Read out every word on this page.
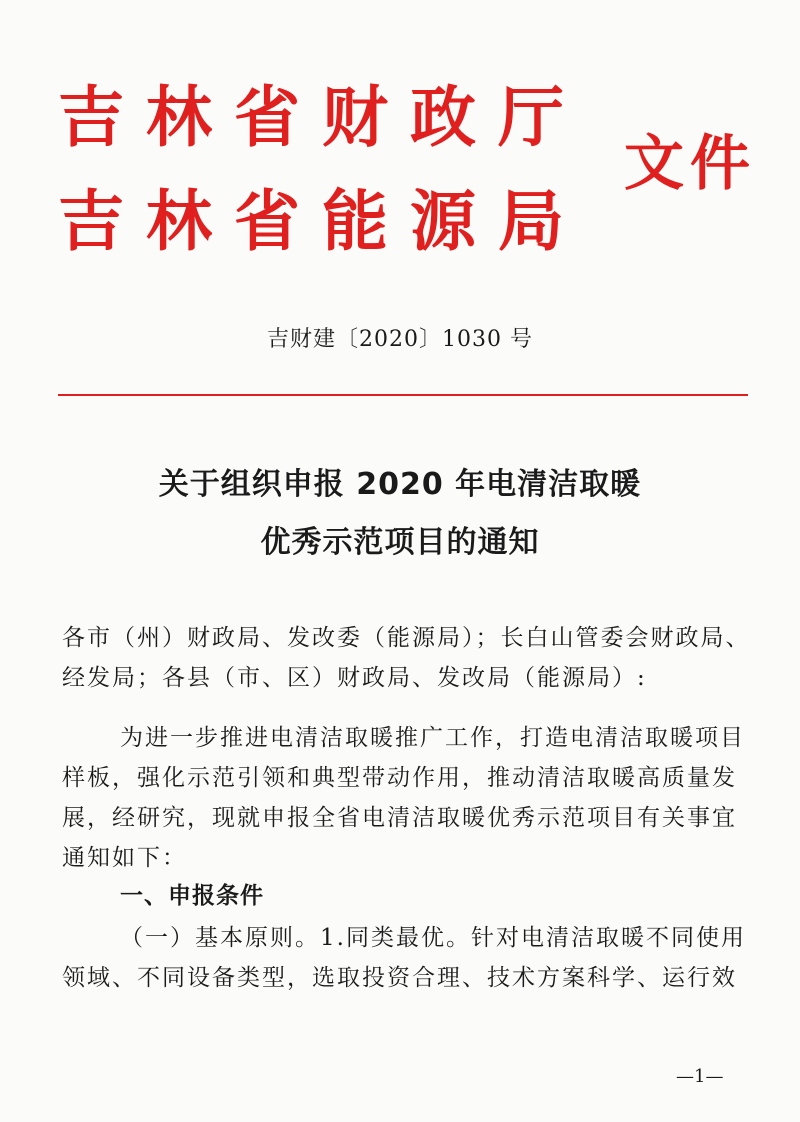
吉林省财政厅
吉林省能源局
文件
吉财建〔2020〕1030 号
关于组织申报 2020 年电清洁取暖
优秀示范项目的通知
各市（州）财政局、发改委（能源局）；长白山管委会财政局、经发局；各县（市、区）财政局、发改局（能源局）:
为进一步推进电清洁取暖推广工作，打造电清洁取暖项目样板，强化示范引领和典型带动作用，推动清洁取暖高质量发展，经研究，现就申报全省电清洁取暖优秀示范项目有关事宜通知如下：
一、申报条件
（一）基本原则。1.同类最优。针对电清洁取暖不同使用领域、不同设备类型，选取投资合理、技术方案科学、运行效
—1—
